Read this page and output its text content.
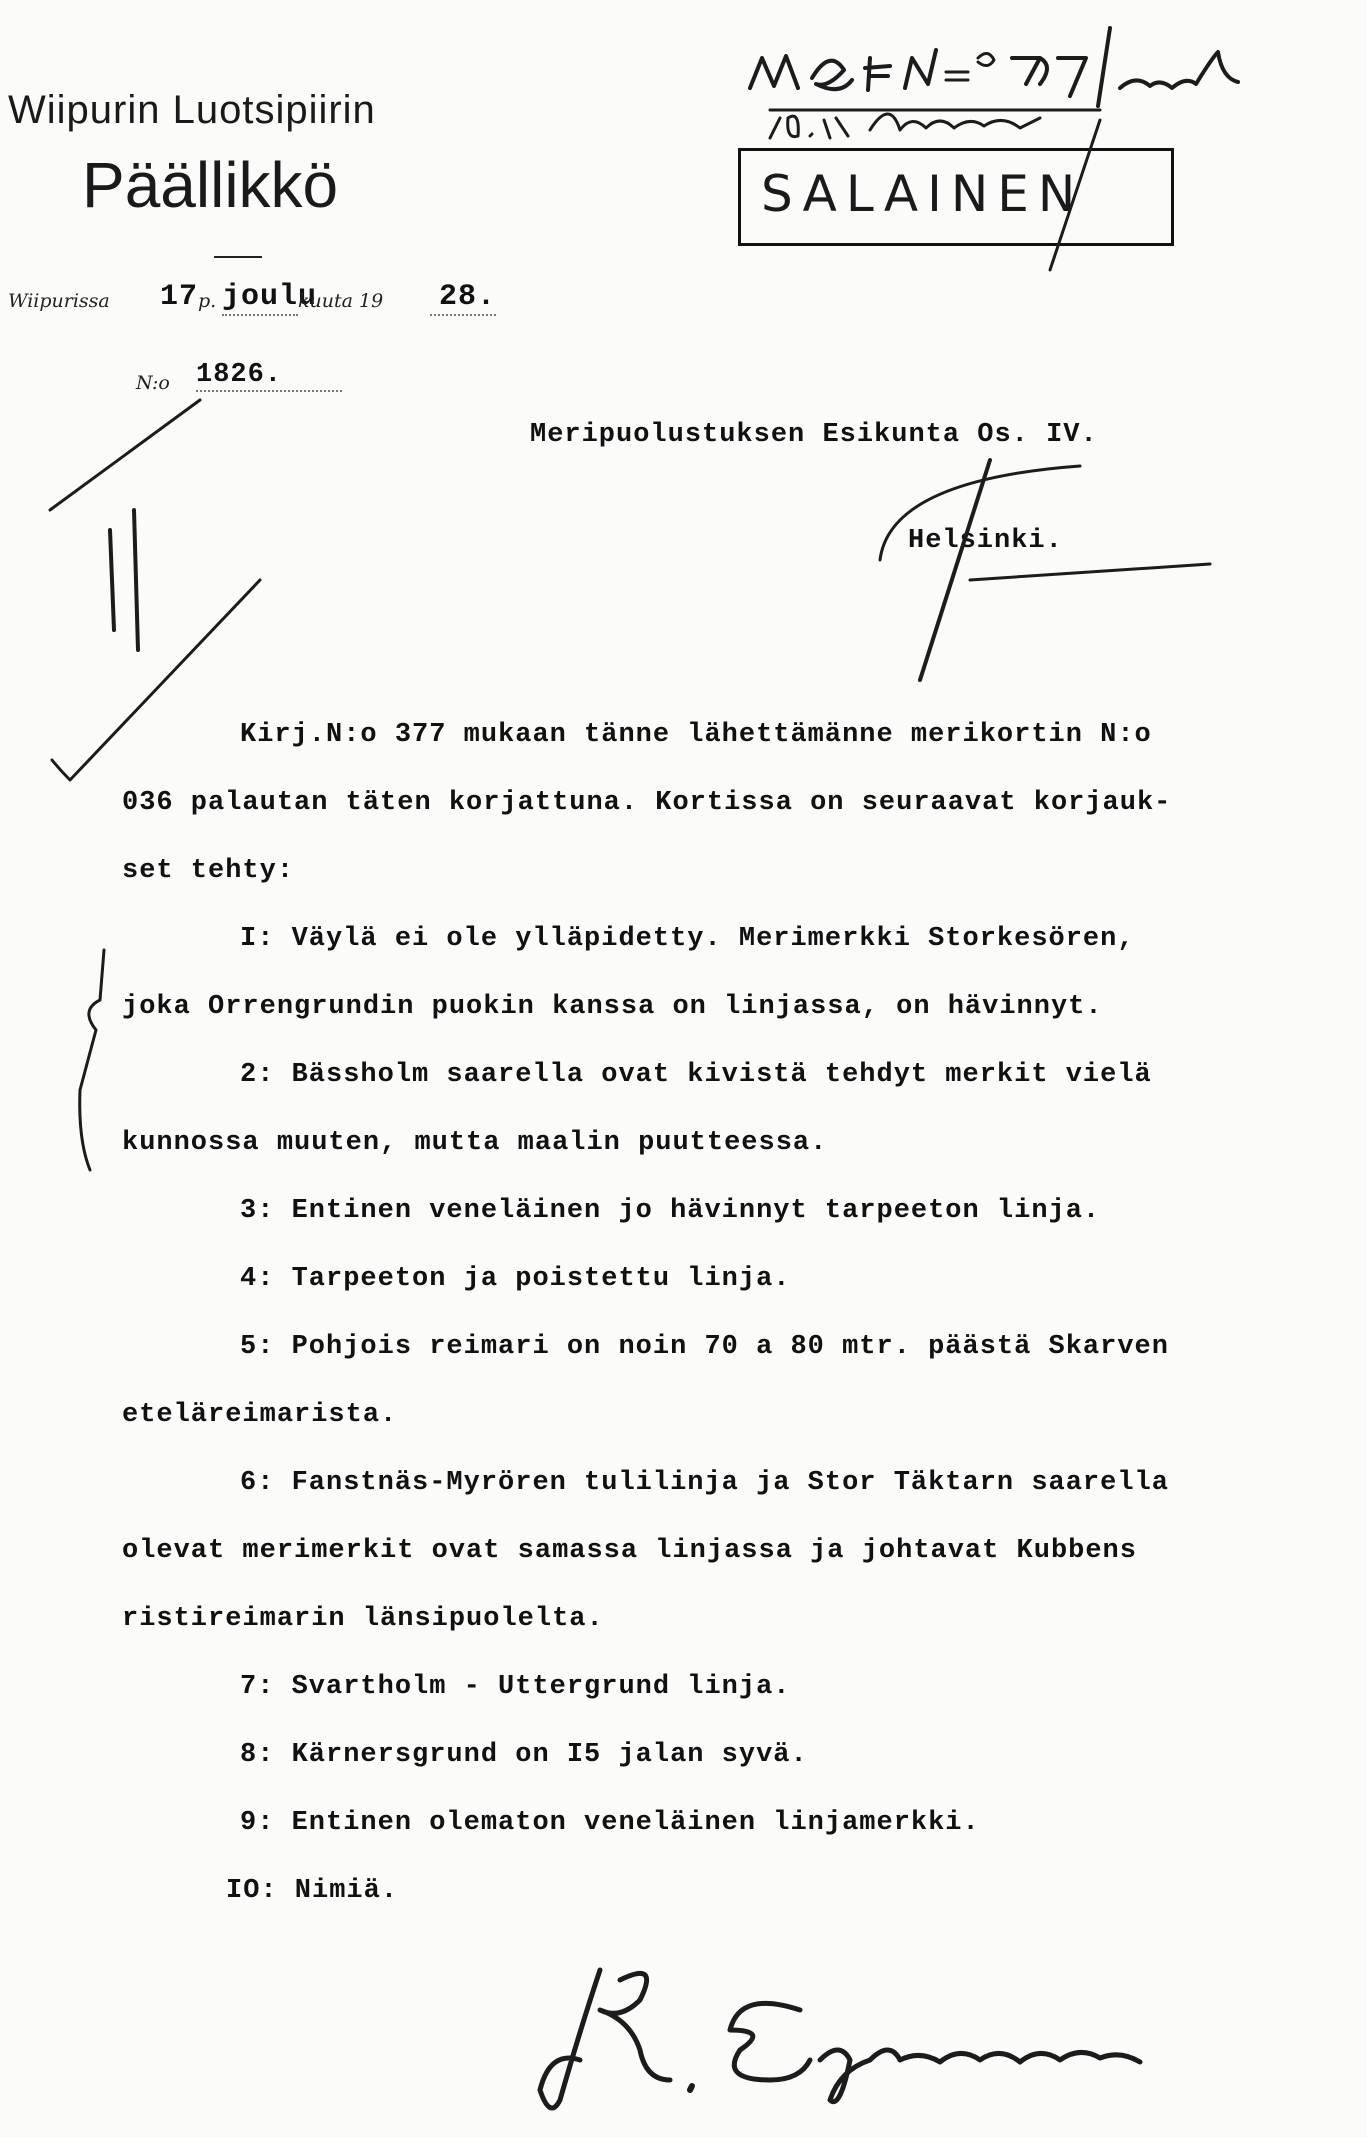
Wiipurin Luotsipiirin
Päällikkö
Wiipurissa 17 p. joulu
kuuta 19 28.
N:o 1826.
SALAINEN
Meripuolustuksen Esikunta Os. IV.
Helsinki.
Kirj.N:o 377 mukaan tänne lähettämänne merikortin N:o
036 palautan täten korjattuna. Kortissa on seuraavat korjauk-
set tehty:
I: Väylä ei ole ylläpidetty. Merimerkki Storkesören,
joka Orrengrundin puokin kanssa on linjassa, on hävinnyt.
2: Bässholm saarella ovat kivistä tehdyt merkit vielä
kunnossa muuten, mutta maalin puutteessa.
3: Entinen veneläinen jo hävinnyt tarpeeton linja.
4: Tarpeeton ja poistettu linja.
5: Pohjois reimari on noin 70 a 80 mtr. päästä Skarven
eteläreimarista.
6: Fanstnäs-Myrören tulilinja ja Stor Täktarn saarella
olevat merimerkit ovat samassa linjassa ja johtavat Kubbens
ristireimarin länsipuolelta.
7: Svartholm - Uttergrund linja.
8: Kärnersgrund on I5 jalan syvä.
9: Entinen olematon veneläinen linjamerkki.
IO: Nimiä.
